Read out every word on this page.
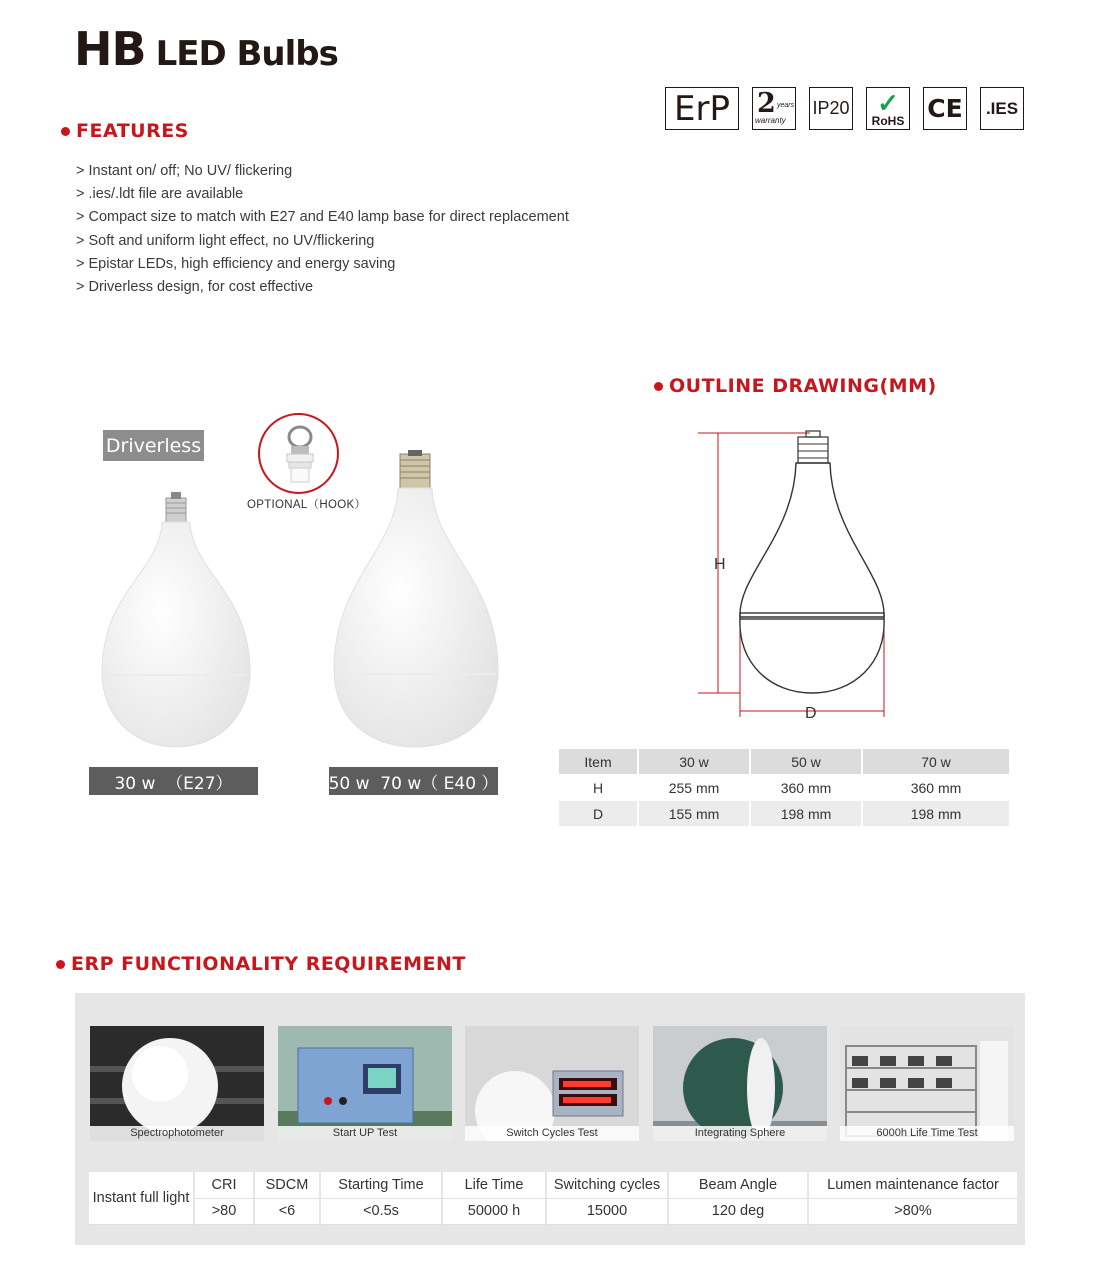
HB LED Bulbs
ErP 2 years
warranty
IP20 ✓
RoHS CE .IES
FEATURES
> Instant on/ off; No UV/ flickering
> .ies/.ldt file are available
> Compact size to match with E27 and E40 lamp base for direct replacement
> Soft and uniform light effect, no UV/flickering
> Epistar LEDs, high efficiency and energy saving
> Driverless design, for cost effective
Driverless
OPTIONAL（HOOK）
30 w  （E27）	50 w  70 w（ E40 ）
OUTLINE DRAWING(MM)
H
D
Item	30 w	50 w	70 w
H	255 mm	360 mm	360 mm
D	155 mm	198 mm	198 mm
ERP FUNCTIONALITY REQUIREMENT
Spectrophotometer	Start UP Test	Switch Cycles Test	Integrating Sphere	6000h Life Time Test
Instant full light	CRI	SDCM	Starting Time	Life Time	Switching cycles	Beam Angle	Lumen maintenance factor
	>80	<6	<0.5s	50000 h	15000	120 deg	>80%
